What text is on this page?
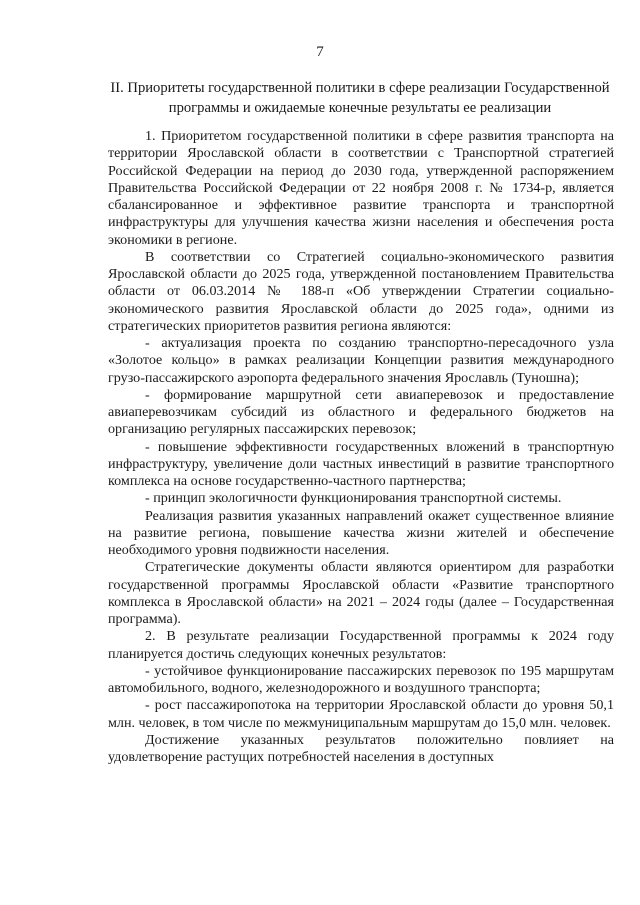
7
II. Приоритеты государственной политики в сфере реализации Государственной программы и ожидаемые конечные результаты ее реализации

1. Приоритетом государственной политики в сфере развития транспорта на территории Ярославской области в соответствии с Транспортной стратегией Российской Федерации на период до 2030 года, утвержденной распоряжением Правительства Российской Федерации от 22 ноября 2008 г. № 1734-р, является сбалансированное и эффективное развитие транспорта и транспортной инфраструктуры для улучшения качества жизни населения и обеспечения роста экономики в регионе.

В соответствии со Стратегией социально-экономического развития Ярославской области до 2025 года, утвержденной постановлением Правительства области от 06.03.2014 № 188-п «Об утверждении Стратегии социально-экономического развития Ярославской области до 2025 года», одними из стратегических приоритетов развития региона являются:

- актуализация проекта по созданию транспортно-пересадочного узла «Золотое кольцо» в рамках реализации Концепции развития международного грузо-пассажирского аэропорта федерального значения Ярославль (Туношна);

- формирование маршрутной сети авиаперевозок и предоставление авиаперевозчикам субсидий из областного и федерального бюджетов на организацию регулярных пассажирских перевозок;

- повышение эффективности государственных вложений в транспортную инфраструктуру, увеличение доли частных инвестиций в развитие транспортного комплекса на основе государственно-частного партнерства;

- принцип экологичности функционирования транспортной системы.

Реализация развития указанных направлений окажет существенное влияние на развитие региона, повышение качества жизни жителей и обеспечение необходимого уровня подвижности населения.

Стратегические документы области являются ориентиром для разработки государственной программы Ярославской области «Развитие транспортного комплекса в Ярославской области» на 2021 – 2024 годы (далее – Государственная программа).

2. В результате реализации Государственной программы к 2024 году планируется достичь следующих конечных результатов:

- устойчивое функционирование пассажирских перевозок по 195 маршрутам автомобильного, водного, железнодорожного и воздушного транспорта;

- рост пассажиропотока на территории Ярославской области до уровня 50,1 млн. человек, в том числе по межмуниципальным маршрутам до 15,0 млн. человек.

Достижение указанных результатов положительно повлияет на удовлетворение растущих потребностей населения в доступных
